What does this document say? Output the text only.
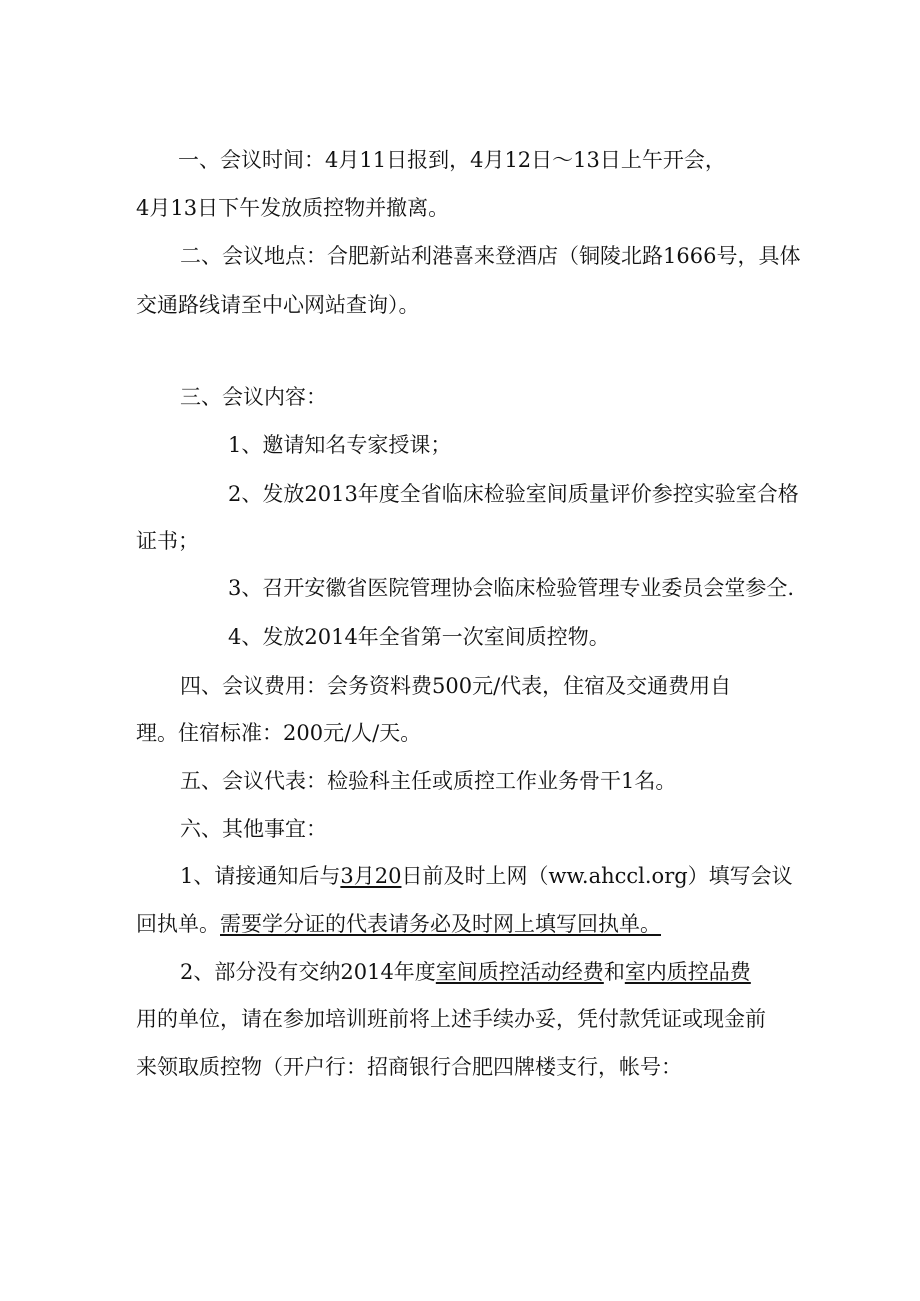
一、会议时间：4月11日报到，4月12日～13日上午开会，
4月13日下午发放质控物并撤离。
二、会议地点：合肥新站利港喜来登酒店（铜陵北路1666号，具体
交通路线请至中心网站查询）。
三、会议内容：
1、邀请知名专家授课；
2、发放2013年度全省临床检验室间质量评价参控实验室合格
证书；
3、召开安徽省医院管理协会临床检验管理专业委员会堂参仝.
4、发放2014年全省第一次室间质控物。
四、会议费用：会务资料费500元/代表，住宿及交通费用自
理。住宿标准：200元/人/天。
五、会议代表：检验科主任或质控工作业务骨干1名。
六、其他事宜：
1、请接通知后与3月20日前及时上网（ww.ahccl.org）填写会议
回执单。需要学分证的代表请务必及时网上填写回执单。
2、部分没有交纳2014年度室间质控活动经费和室内质控品费
用的单位，请在参加培训班前将上述手续办妥，凭付款凭证或现金前
来领取质控物（开户行：招商银行合肥四牌楼支行，帐号：
